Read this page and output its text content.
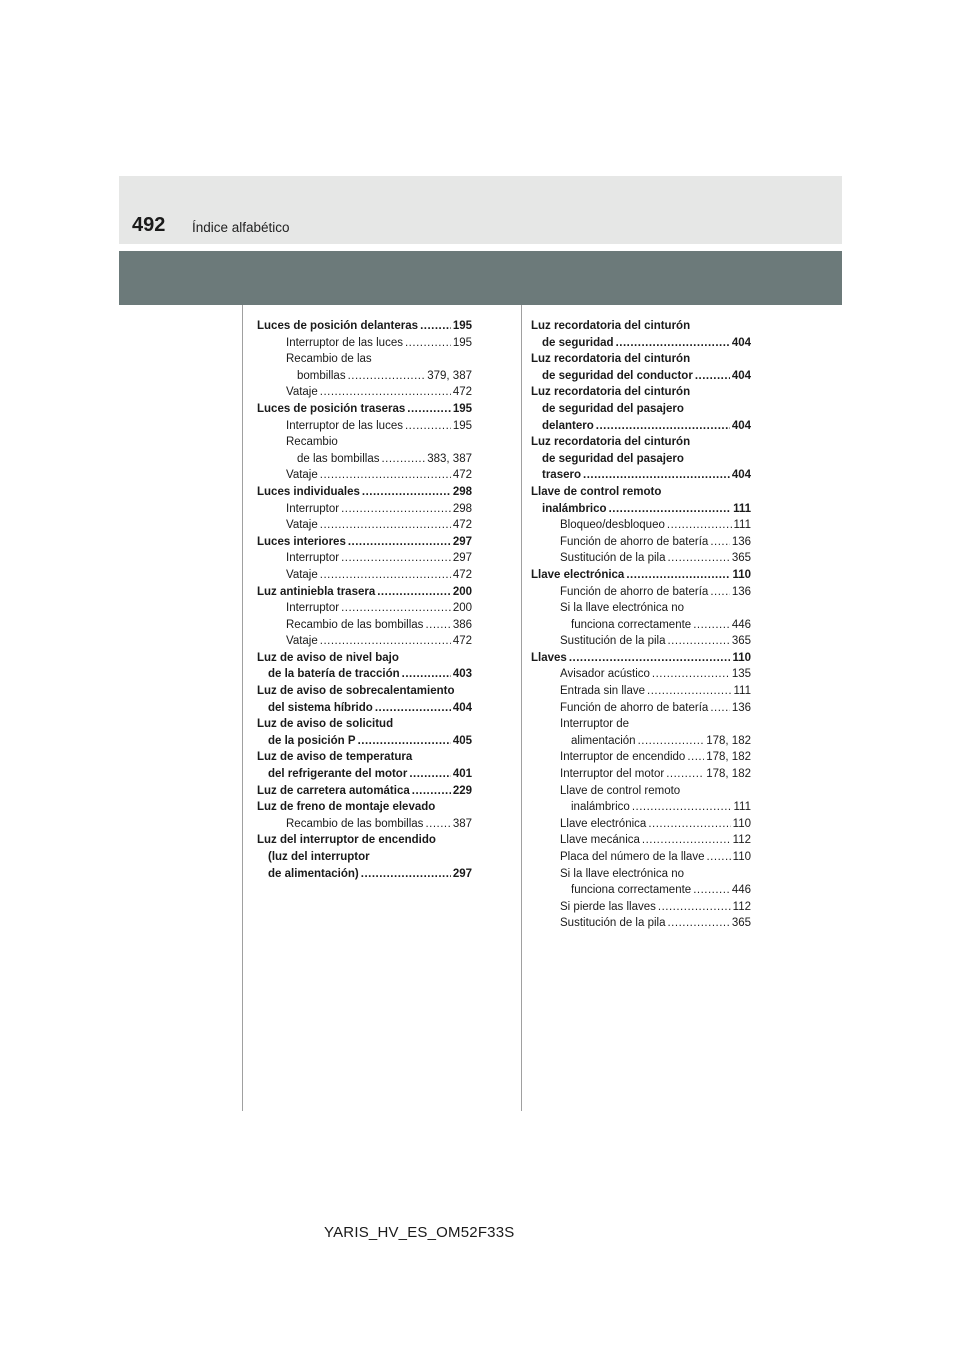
492 Índice alfabético
Luces de posición delanteras .....	195
Interruptor de las luces .....	195
Recambio de las
bombillas .....	379, 387
Vataje .....	472
Luces de posición traseras .....	195
Interruptor de las luces .....	195
Recambio
de las bombillas .....	383, 387
Vataje .....	472
Luces individuales .....	298
Interruptor .....	298
Vataje .....	472
Luces interiores .....	297
Interruptor .....	297
Vataje .....	472
Luz antiniebla trasera .....	200
Interruptor .....	200
Recambio de las bombillas .....	386
Vataje .....	472
Luz de aviso de nivel bajo
de la batería de tracción .....	403
Luz de aviso de sobrecalentamiento
del sistema híbrido .....	404
Luz de aviso de solicitud
de la posición P .....	405
Luz de aviso de temperatura
del refrigerante del motor .....	401
Luz de carretera automática .....	229
Luz de freno de montaje elevado
Recambio de las bombillas .....	387
Luz del interruptor de encendido
(luz del interruptor
de alimentación) .....	297
Luz recordatoria del cinturón
de seguridad .....	404
Luz recordatoria del cinturón
de seguridad del conductor .....	404
Luz recordatoria del cinturón
de seguridad del pasajero
delantero .....	404
Luz recordatoria del cinturón
de seguridad del pasajero
trasero .....	404
Llave de control remoto
inalámbrico .....	111
Bloqueo/desbloqueo .....	111
Función de ahorro de batería ..... 136
Sustitución de la pila .....	365
Llave electrónica .....	110
Función de ahorro de batería ..... 136
Si la llave electrónica no
funciona correctamente .....	446
Sustitución de la pila .....	365
Llaves .....	110
Avisador acústico .....	135
Entrada sin llave .....	111
Función de ahorro de batería ..... 136
Interruptor de
alimentación .....	178, 182
Interruptor de encendido ..... 178, 182
Interruptor del motor .....	178, 182
Llave de control remoto
inalámbrico .....	111
Llave electrónica .....	110
Llave mecánica .....	112
Placa del número de la llave ..... 110
Si la llave electrónica no
funciona correctamente .....	446
Si pierde las llaves .....	112
Sustitución de la pila .....	365
YARIS_HV_ES_OM52F33S
